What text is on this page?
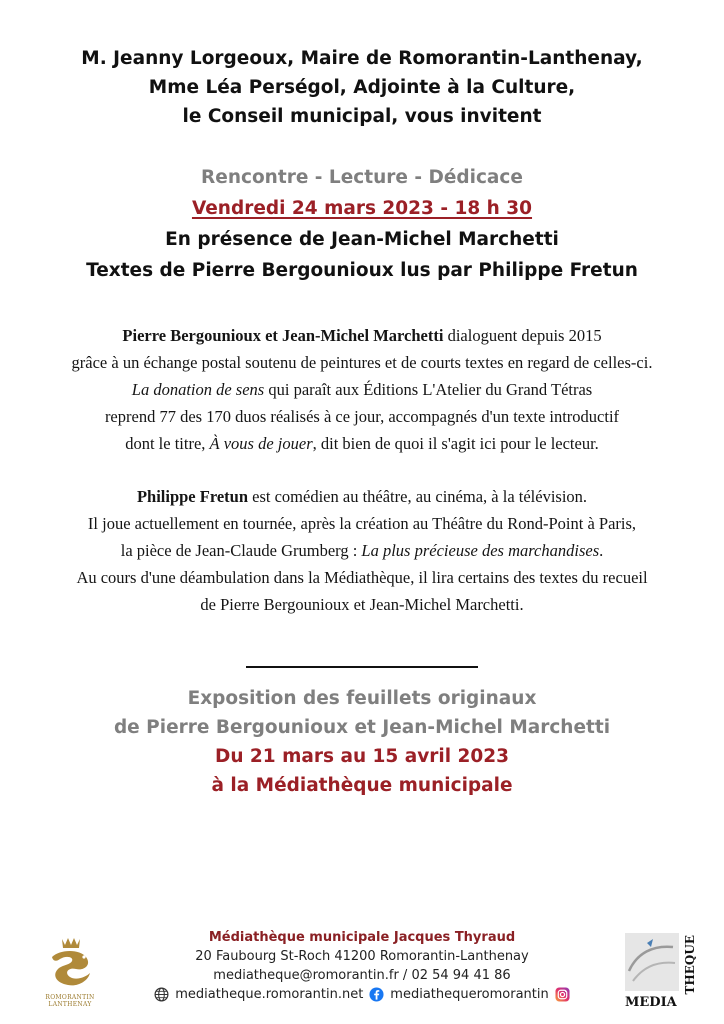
M. Jeanny Lorgeoux, Maire de Romorantin-Lanthenay,
Mme Léa Perségol, Adjointe à la Culture,
le Conseil municipal, vous invitent
Rencontre - Lecture - Dédicace
Vendredi 24 mars 2023 - 18 h 30
En présence de Jean-Michel Marchetti
Textes de Pierre Bergounioux lus par Philippe Fretun
Pierre Bergounioux et Jean-Michel Marchetti dialoguent depuis 2015
grâce à un échange postal soutenu de peintures et de courts textes en regard de celles-ci.
La donation de sens qui paraît aux Éditions L'Atelier du Grand Tétras
reprend 77 des 170 duos réalisés à ce jour, accompagnés d'un texte introductif
dont le titre, À vous de jouer, dit bien de quoi il s'agit ici pour le lecteur.
Philippe Fretun est comédien au théâtre, au cinéma, à la télévision.
Il joue actuellement en tournée, après la création au Théâtre du Rond-Point à Paris,
la pièce de Jean-Claude Grumberg : La plus précieuse des marchandises.
Au cours d'une déambulation dans la Médiathèque, il lira certains des textes du recueil
de Pierre Bergounioux et Jean-Michel Marchetti.
Exposition des feuillets originaux
de Pierre Bergounioux et Jean-Michel Marchetti
Du 21 mars au 15 avril 2023
à la Médiathèque municipale
ROMORANTIN
LANTHENAY
Médiathèque municipale Jacques Thyraud
20 Faubourg St-Roch 41200 Romorantin-Lanthenay
mediatheque@romorantin.fr / 02 54 94 41 86
mediatheque.romorantin.net mediathequeromorantin
MEDIA
THEQUE
